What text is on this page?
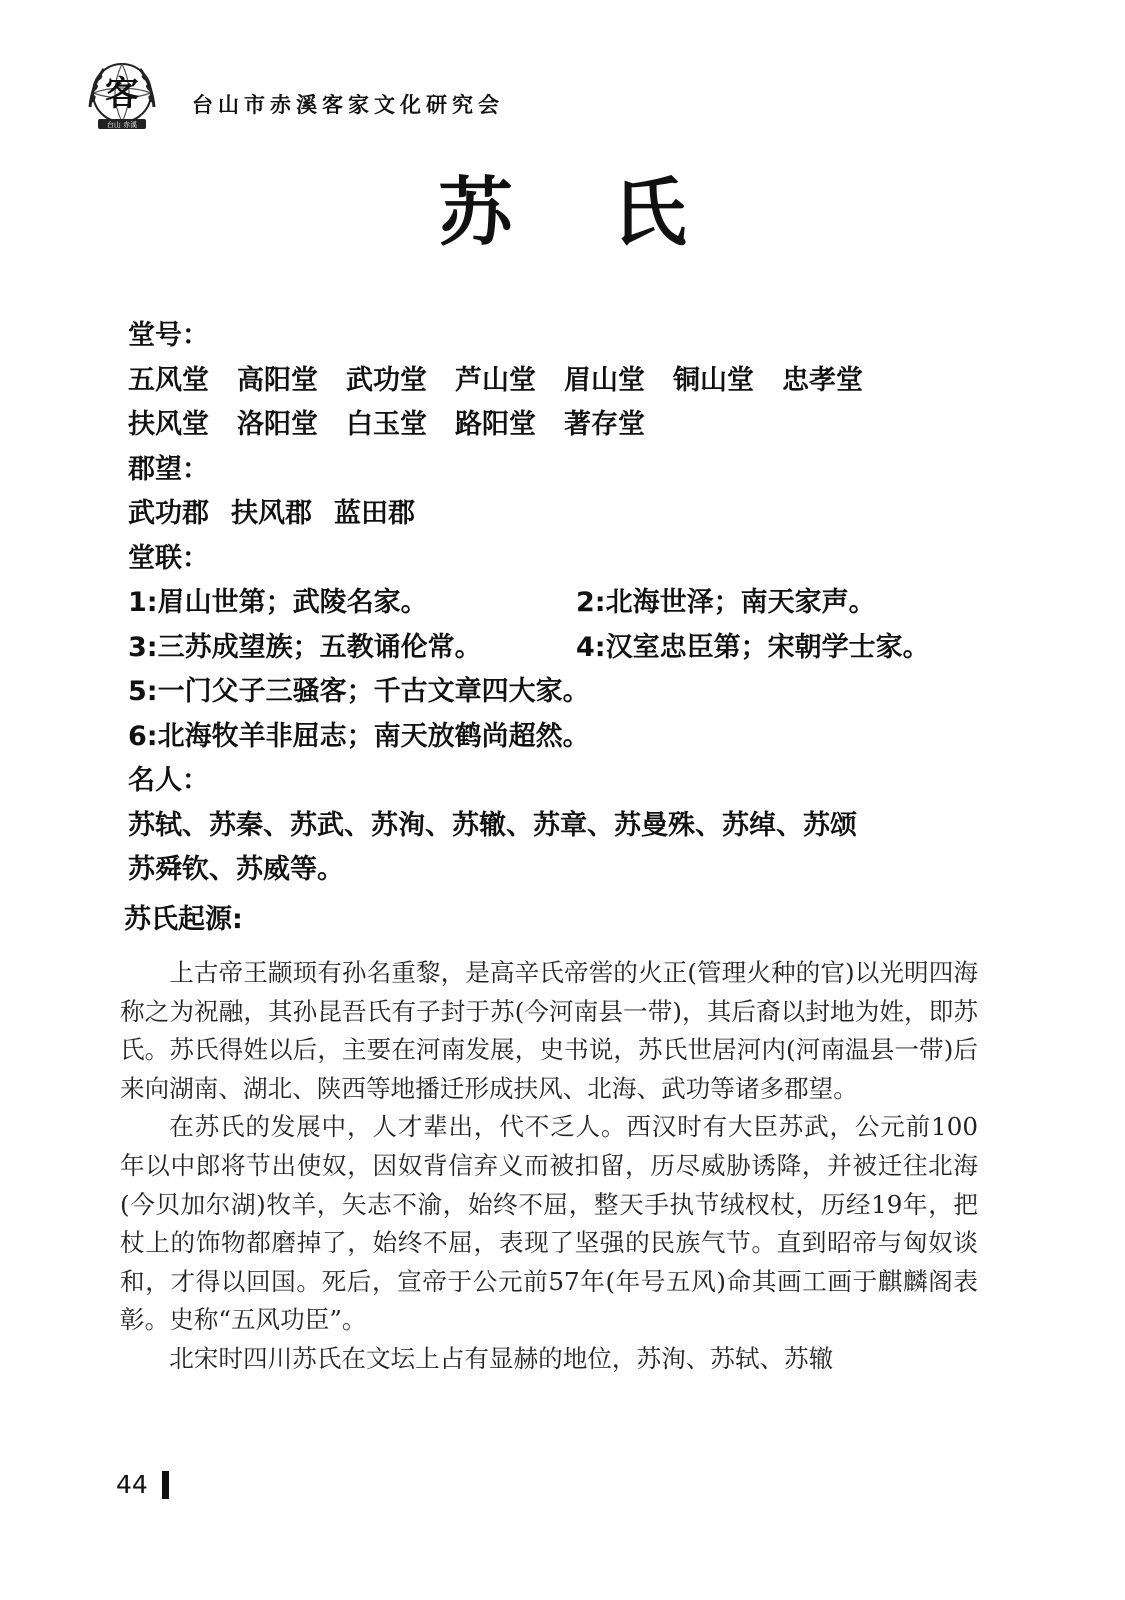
客
台山 赤溪
台山市赤溪客家文化研究会
苏 氏
堂号：
五风堂 高阳堂 武功堂 芦山堂 眉山堂 铜山堂 忠孝堂
扶风堂 洛阳堂 白玉堂 路阳堂 著存堂
郡望：
武功郡 扶风郡 蓝田郡
堂联：
1:眉山世第；武陵名家。	2:北海世泽；南天家声。
3:三苏成望族；五教诵伦常。	4:汉室忠臣第；宋朝学士家。
5:一门父子三骚客；千古文章四大家。
6:北海牧羊非屈志；南天放鹤尚超然。
名人：
苏轼、苏秦、苏武、苏洵、苏辙、苏章、苏曼殊、苏绰、苏颂
苏舜钦、苏威等。
苏氏起源:

上古帝王颛顼有孙名重黎，是高辛氏帝喾的火正(管理火种的官)以光明四海称之为祝融，其孙昆吾氏有子封于苏(今河南县一带)，其后裔以封地为姓，即苏氏。苏氏得姓以后，主要在河南发展，史书说，苏氏世居河内(河南温县一带)后来向湖南、湖北、陕西等地播迁形成扶风、北海、武功等诸多郡望。

在苏氏的发展中，人才辈出，代不乏人。西汉时有大臣苏武，公元前100年以中郎将节出使奴，因奴背信弃义而被扣留，历尽威胁诱降，并被迁往北海(今贝加尔湖)牧羊，矢志不渝，始终不屈，整天手执节绒杈杖，历经19年，把杖上的饰物都磨掉了，始终不屈，表现了坚强的民族气节。直到昭帝与匈奴谈和，才得以回国。死后，宣帝于公元前57年(年号五风)命其画工画于麒麟阁表彰。史称“五风功臣”。

北宋时四川苏氏在文坛上占有显赫的地位，苏洵、苏轼、苏辙

44
